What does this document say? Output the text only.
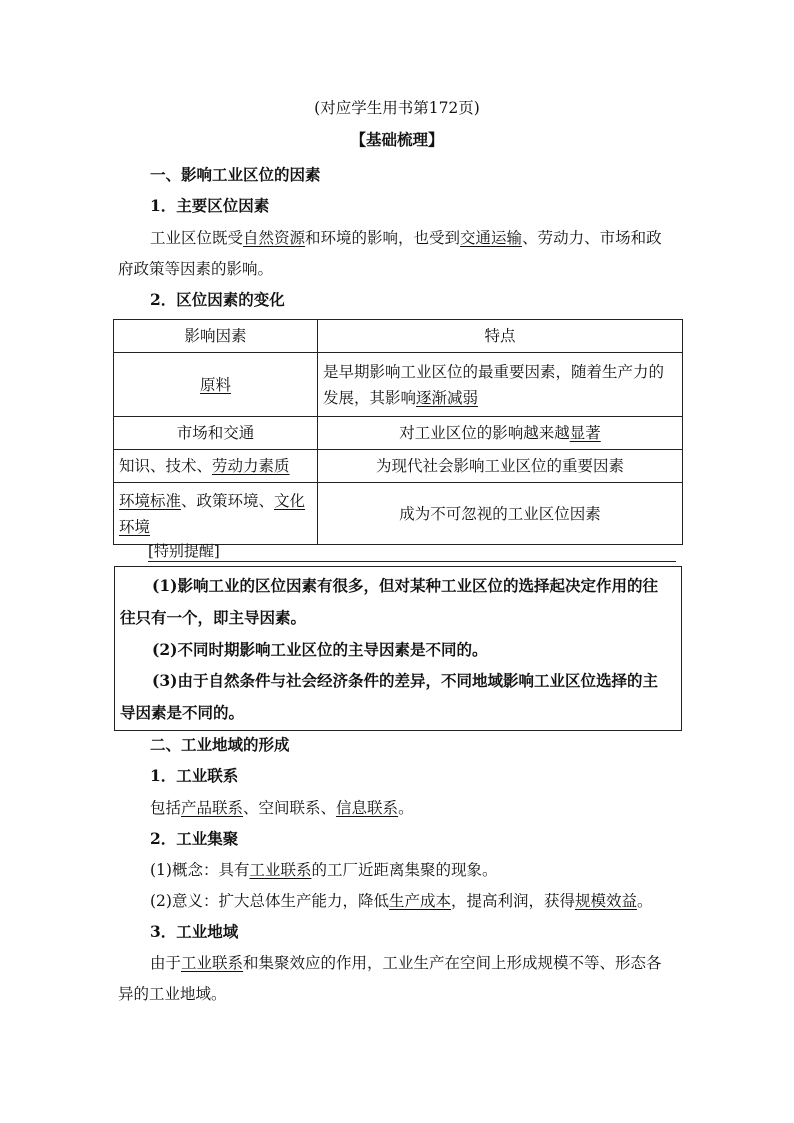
(对应学生用书第172页)
【基础梳理】
一、影响工业区位的因素
1．主要区位因素
工业区位既受自然资源和环境的影响，也受到交通运输、劳动力、市场和政
府政策等因素的影响。
2．区位因素的变化
影响因素	特点
原料	是早期影响工业区位的最重要因素，随着生产力的
发展，其影响逐渐减弱

市场和交通	对工业区位的影响越来越显著
知识、技术、劳动力素质	为现代社会影响工业区位的重要因素

环境标准、政策环境、文化
环境	成为不可忽视的工业区位因素
[特别提醒]
(1)影响工业的区位因素有很多，但对某种工业区位的选择起决定作用的往
往只有一个，即主导因素。
(2)不同时期影响工业区位的主导因素是不同的。
(3)由于自然条件与社会经济条件的差异，不同地域影响工业区位选择的主
导因素是不同的。
二、工业地域的形成
1．工业联系
包括产品联系、空间联系、信息联系。
2．工业集聚
(1)概念：具有工业联系的工厂近距离集聚的现象。
(2)意义：扩大总体生产能力，降低生产成本，提高利润，获得规模效益。
3．工业地域
由于工业联系和集聚效应的作用，工业生产在空间上形成规模不等、形态各
异的工业地域。
